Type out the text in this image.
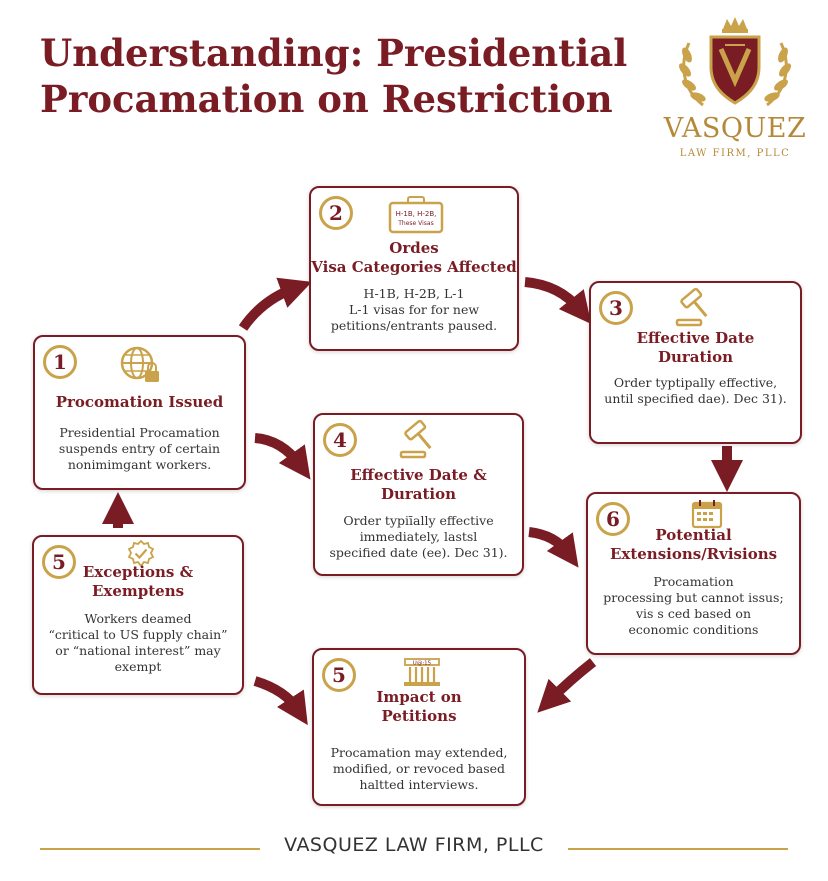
Understanding: Presidential
Procamation on Restriction
VASQUEZ
LAW FIRM, PLLC
1
Procomation Issued
Presidential Procamation
suspends entry of certain
nonimimgant workers.
2	H-1B, H-2B,
These Visas
Ordes
Visa Categories Affected
H-1B, H-2B, L-1
L-1 visas for for new
petitions/entrants paused.
3
Effective Date
Duration
Order typtipally effective,
until specified dae). Dec 31).
4
Effective Date &
Duration
Order typiīally effective
immediately, lastsl
specified date (ee). Dec 31).
5	Exceptions &
Exemptens
Workers deamed
“critical to US fupply chain”
or “national interest” may
exempt
6
Potential
Extensions/Rvisions
Procamation
processing but cannot issus;
vis s ced based on
economic conditions
5	U@:15
Impact on
Petitions
Procamation may extended,
modified, or revoced based
haltted interviews.
VASQUEZ LAW FIRM, PLLC
